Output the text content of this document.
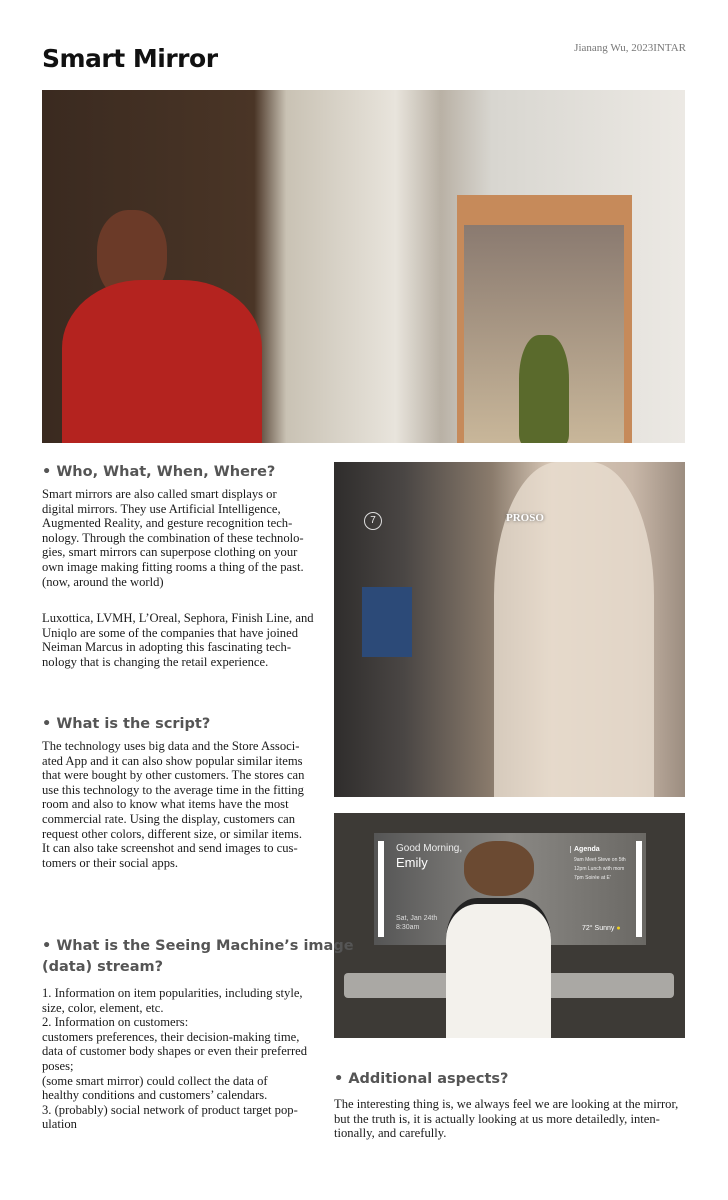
Smart Mirror	Jianang Wu, 2023INTAR
7	PROSO
Good Morning,
Emily
Sat, Jan 24th
8:30am
Agenda
9am Meet Steve on 5th
12pm Lunch with mom
7pm Soirée at E'
72° Sunny ●
• Who, What, When, Where?
Smart mirrors are also called smart displays or
digital mirrors. They use Artificial Intelligence,
Augmented Reality, and gesture recognition tech-
nology. Through the combination of these technolo-
gies, smart mirrors can superpose clothing on your
own image making fitting rooms a thing of the past.
(now, around the world)
Luxottica, LVMH, L’Oreal, Sephora, Finish Line, and
Uniqlo are some of the companies that have joined
Neiman Marcus in adopting this fascinating tech-
nology that is changing the retail experience.
• What is the script?
The technology uses big data and the Store Associ-
ated App and it can also show popular similar items
that were bought by other customers. The stores can
use this technology to the average time in the fitting
room and also to know what items have the most
commercial rate. Using the display, customers can
request other colors, different size, or similar items.
It can also take screenshot and send images to cus-
tomers or their social apps.
• What is the Seeing Machine’s image
(data) stream?
1. Information on item popularities, including style,
size, color, element, etc.
2. Information on customers:
customers preferences, their decision-making time,
data of customer body shapes or even their preferred
poses;
(some smart mirror) could collect the data of
healthy conditions and customers’ calendars.
3. (probably) social network of product target pop-
ulation
• Additional aspects?
The interesting thing is, we always feel we are looking at the mirror,
but the truth is, it is actually looking at us more detailedly, inten-
tionally, and carefully.
